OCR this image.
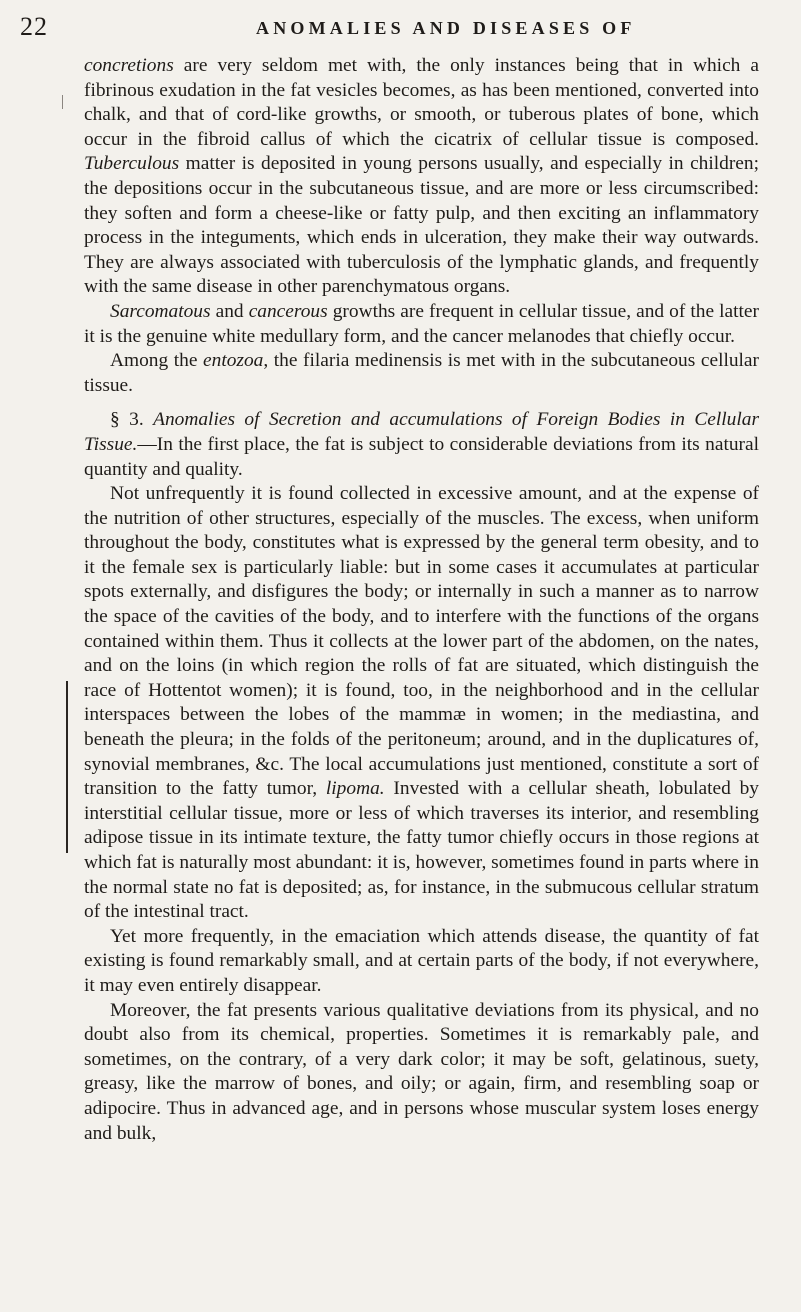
22	ANOMALIES AND DISEASES OF

concretions are very seldom met with, the only instances being that in which a fibrinous exudation in the fat vesicles becomes, as has been mentioned, converted into chalk, and that of cord-like growths, or smooth, or tuberous plates of bone, which occur in the fibroid callus of which the cicatrix of cellular tissue is composed. Tuberculous matter is deposited in young persons usually, and especially in children; the depositions occur in the subcutaneous tissue, and are more or less circumscribed: they soften and form a cheese-like or fatty pulp, and then exciting an inflammatory process in the integuments, which ends in ulceration, they make their way outwards. They are always associated with tuberculosis of the lymphatic glands, and frequently with the same disease in other parenchymatous organs.

Sarcomatous and cancerous growths are frequent in cellular tissue, and of the latter it is the genuine white medullary form, and the cancer melanodes that chiefly occur.

Among the entozoa, the filaria medinensis is met with in the subcutaneous cellular tissue.

§ 3. Anomalies of Secretion and accumulations of Foreign Bodies in Cellular Tissue.—In the first place, the fat is subject to considerable deviations from its natural quantity and quality.

Not unfrequently it is found collected in excessive amount, and at the expense of the nutrition of other structures, especially of the muscles. The excess, when uniform throughout the body, constitutes what is expressed by the general term obesity, and to it the female sex is particularly liable: but in some cases it accumulates at particular spots externally, and disfigures the body; or internally in such a manner as to narrow the space of the cavities of the body, and to interfere with the functions of the organs contained within them. Thus it collects at the lower part of the abdomen, on the nates, and on the loins (in which region the rolls of fat are situated, which distinguish the race of Hottentot women); it is found, too, in the neighborhood and in the cellular interspaces between the lobes of the mammæ in women; in the mediastina, and beneath the pleura; in the folds of the peritoneum; around, and in the duplicatures of, synovial membranes, &c. The local accumulations just mentioned, constitute a sort of transition to the fatty tumor, lipoma. Invested with a cellular sheath, lobulated by interstitial cellular tissue, more or less of which traverses its interior, and resembling adipose tissue in its intimate texture, the fatty tumor chiefly occurs in those regions at which fat is naturally most abundant: it is, however, sometimes found in parts where in the normal state no fat is deposited; as, for instance, in the submucous cellular stratum of the intestinal tract.

Yet more frequently, in the emaciation which attends disease, the quantity of fat existing is found remarkably small, and at certain parts of the body, if not everywhere, it may even entirely disappear.

Moreover, the fat presents various qualitative deviations from its physical, and no doubt also from its chemical, properties. Sometimes it is remarkably pale, and sometimes, on the contrary, of a very dark color; it may be soft, gelatinous, suety, greasy, like the marrow of bones, and oily; or again, firm, and resembling soap or adipocire. Thus in advanced age, and in persons whose muscular system loses energy and bulk,
